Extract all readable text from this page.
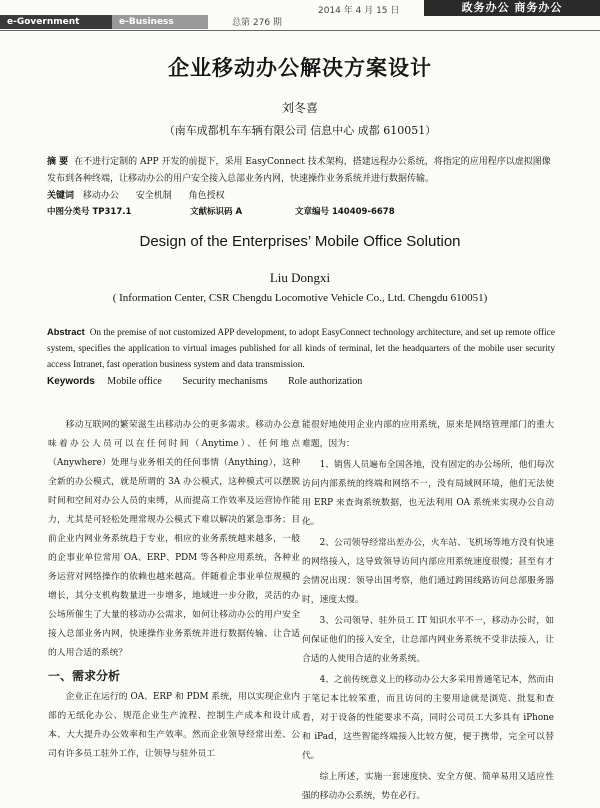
e-Government	e-Business	总第 276 期
2014 年 4 月 15 日	政务办公 商务办公
企业移动办公解决方案设计
刘冬喜
（南车成都机车车辆有限公司 信息中心 成都 610051）
摘 要 在不进行定制的 APP 开发的前提下，采用 EasyConnect 技术架构，搭建远程办公系统，将指定的应用程序以虚拟图像发布到各种终端，让移动办公的用户安全接入总部业务内网，快速操作业务系统并进行数据传输。
关键词 移动办公 安全机制 角色授权
中图分类号 TP317.1	文献标识码 A	文章编号 140409-6678
Design of the Enterprises’ Mobile Office Solution
Liu Dongxi
( Information Center, CSR Chengdu Locomotive Vehicle Co., Ltd. Chengdu 610051)
Abstract On the premise of not customized APP development, to adopt EasyConnect technology architecture, and set up remote office system, specifies the application to virtual images published for all kinds of terminal, let the headquarters of the mobile user security access Intranet, fast operation business system and data transmission.
Keywords Mobile office Security mechanisms Role authorization

移动互联网的繁荣滋生出移动办公的更多需求。移动办公意味着办公人员可以在任何时间（Anytime）、任何地点（Anywhere）处理与业务相关的任何事情（Anything），这种全新的办公模式，就是所谓的 3A 办公模式，这种模式可以摆脱时间和空间对办公人员的束缚，从而提高工作效率及运营协作能力，尤其是可轻松处理常规办公模式下难以解决的紧急事务；目前企业内网业务系统趋于专业，相应的业务系统越来越多，一般的企事业单位常用 OA、ERP、PDM 等各种应用系统，各种业务运营对网络操作的依赖也越来越高。伴随着企事业单位规模的增长，其分支机构数量进一步增多，地域进一步分散，灵活的办公场所催生了大量的移动办公需求，如何让移动办公的用户安全接入总部业务内网，快速操作业务系统并进行数据传输、让合适的人用合适的系统？

一、需求分析

企业正在运行的 OA、ERP 和 PDM 系统，用以实现企业内部的无纸化办公、规范企业生产流程、控制生产成本和设计成本、大大提升办公效率和生产效率。然而企业领导经常出差、公司有许多员工驻外工作，让领导与驻外员工

能很好地使用企业内部的应用系统，原来是网络管理部门的重大难题，因为：

1、销售人员遍布全国各地，没有固定的办公场所，他们每次访问内部系统的终端和网络不一，没有局域网环境，他们无法使用 ERP 来查询系统数据，也无法利用 OA 系统来实现办公自动化。

2、公司领导经常出差办公，火车站、飞机场等地方没有快速的网络接入，这导致领导访问内部应用系统速度很慢；甚至有才会情况出现：领导出国考察，他们通过跨国线路访问总部服务器时，速度太慢。

3、公司领导、驻外员工 IT 知识水平不一，移动办公时，如何保证他们的接入安全，让总部内网业务系统不受非法接入，让合适的人使用合适的业务系统。

4、之前传统意义上的移动办公大多采用普通笔记本，然而由于笔记本比较笨重，而且访问的主要用途就是浏览、批复和查看，对于设备的性能要求不高，同时公司员工大多具有 iPhone 和 iPad，这些智能终端接入比较方便，便于携带，完全可以替代。

综上所述，实施一套速度快、安全方便、简单易用又适应性强的移动办公系统，势在必行。
